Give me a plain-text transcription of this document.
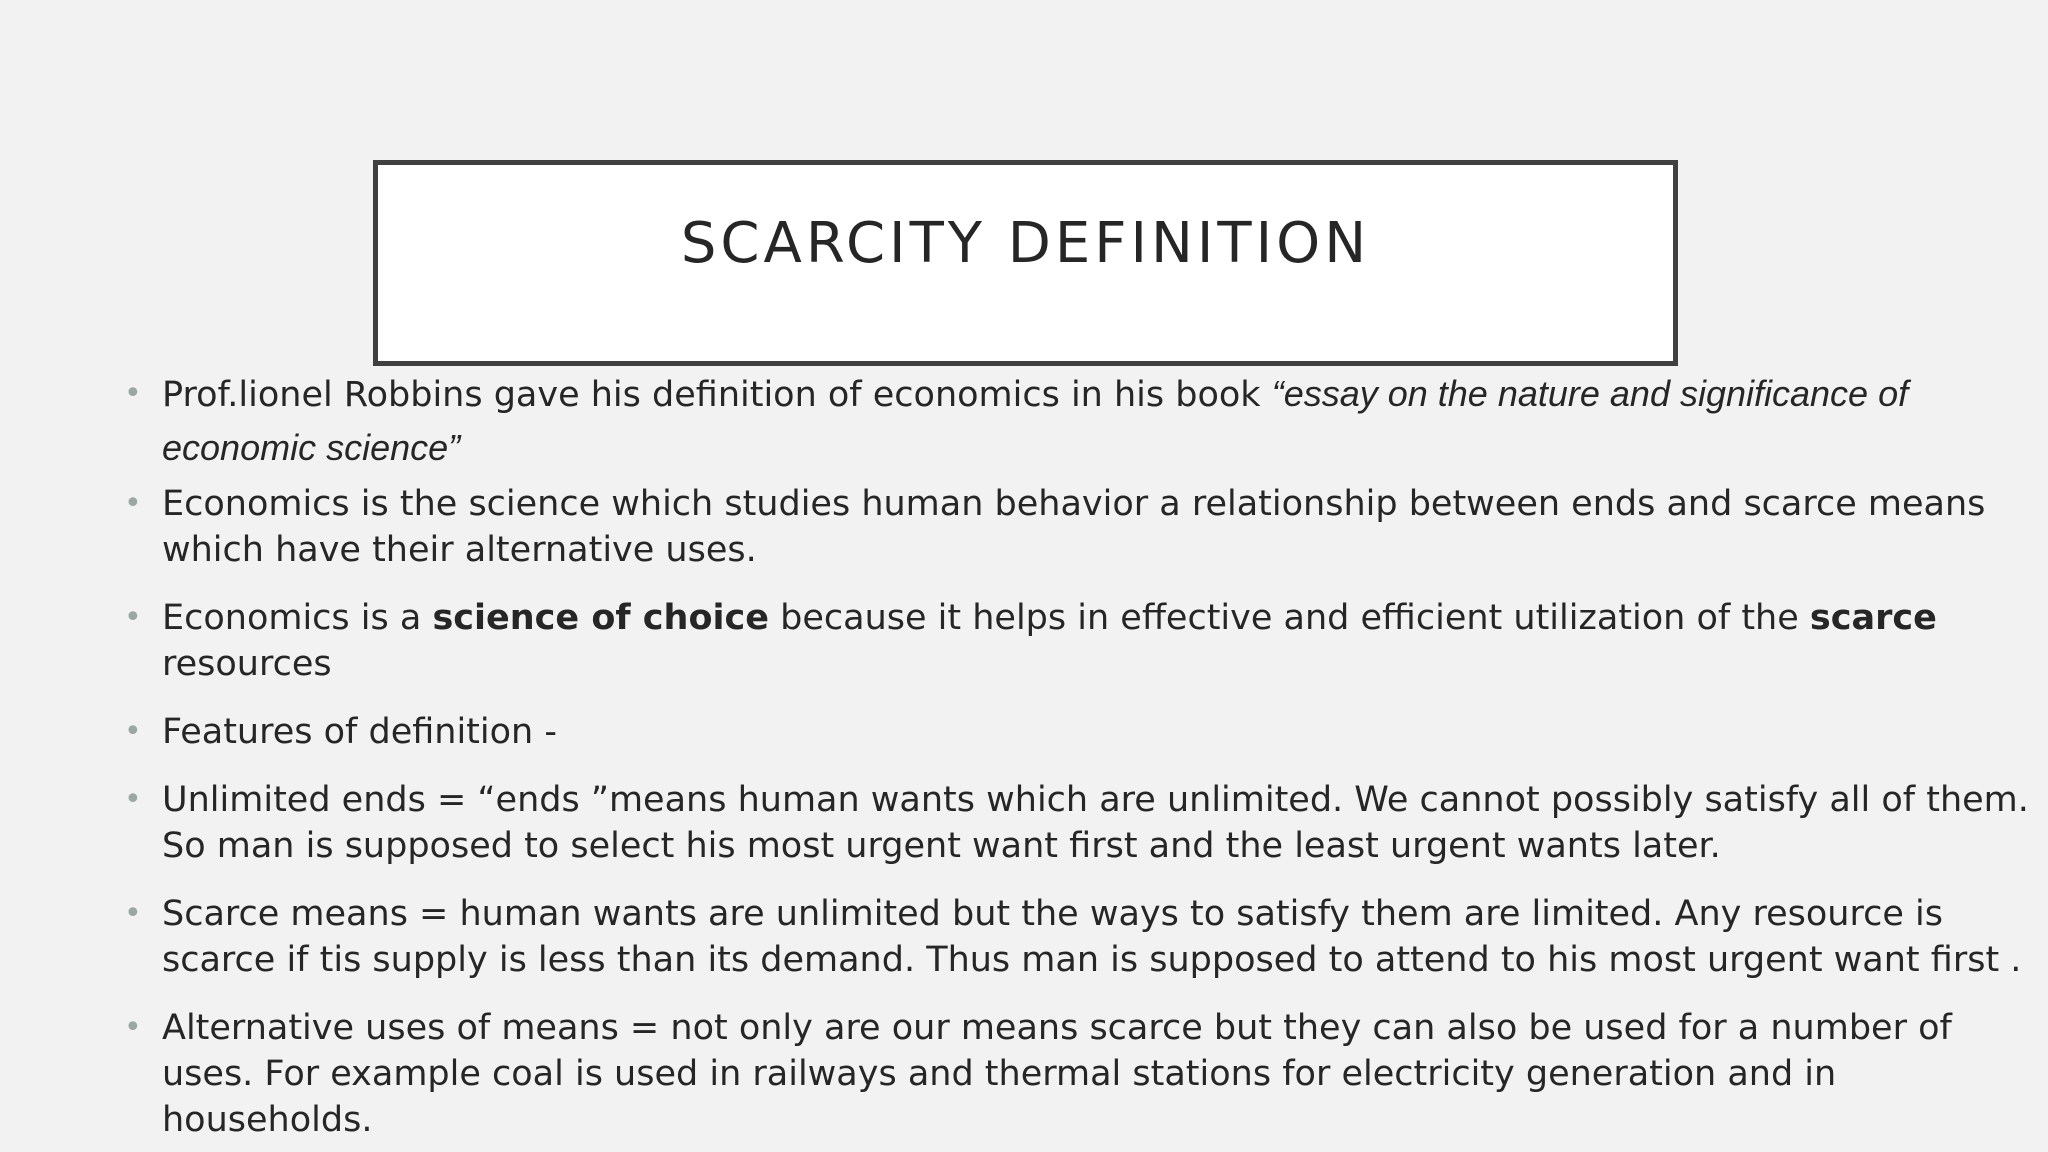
SCARCITY DEFINITION
• Prof.lionel Robbins gave his definition of economics in his book “essay on the nature and significance of
economic science”
• Economics is the science which studies human behavior a relationship between ends and scarce means which have their alternative uses.
• Economics is a science of choice because it helps in effective and efficient utilization of the scarce resources
• Features of definition -
• Unlimited ends = “ends ”means human wants which are unlimited. We cannot possibly satisfy all of them. So man is supposed to select his most urgent want first and the least urgent wants later.
• Scarce means = human wants are unlimited but the ways to satisfy them are limited. Any resource is scarce if tis supply is less than its demand. Thus man is supposed to attend to his most urgent want first .
• Alternative uses of means = not only are our means scarce but they can also be used for a number of uses. For example coal is used in railways and thermal stations for electricity generation and in households.
